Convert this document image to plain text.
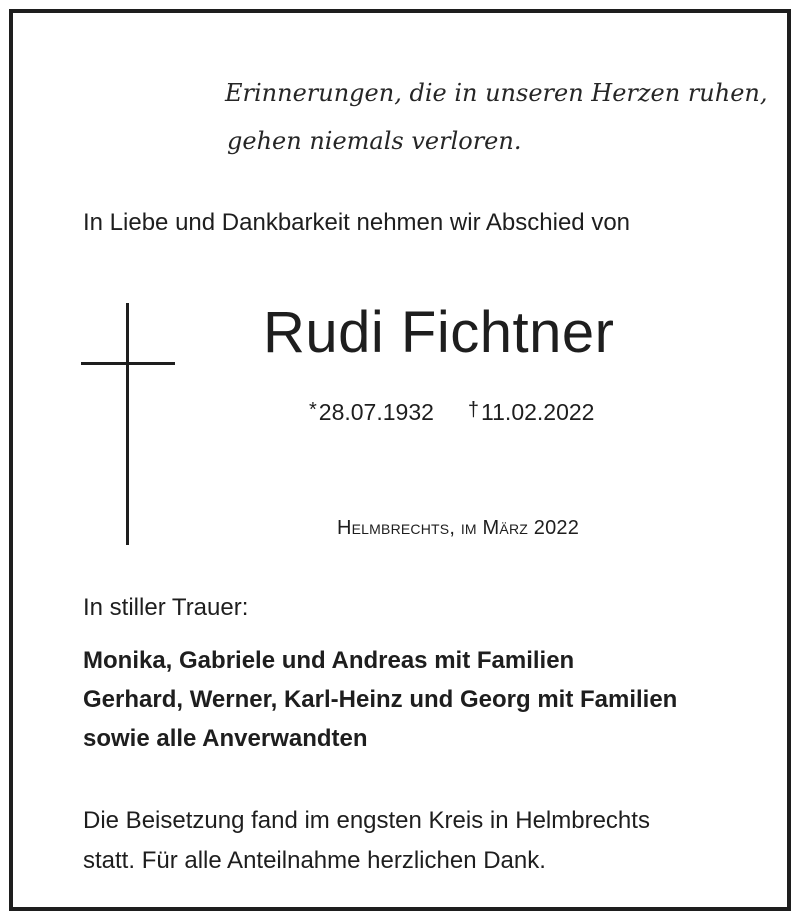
Erinnerungen, die in unseren Herzen ruhen,
gehen niemals verloren.
In Liebe und Dankbarkeit nehmen wir Abschied von
Rudi Fichtner
*28.07.1932 †11.02.2022
Helmbrechts, im März 2022
In stiller Trauer:
Monika, Gabriele und Andreas mit Familien
Gerhard, Werner, Karl-Heinz und Georg mit Familien
sowie alle Anverwandten
Die Beisetzung fand im engsten Kreis in Helmbrechts
statt. Für alle Anteilnahme herzlichen Dank.
